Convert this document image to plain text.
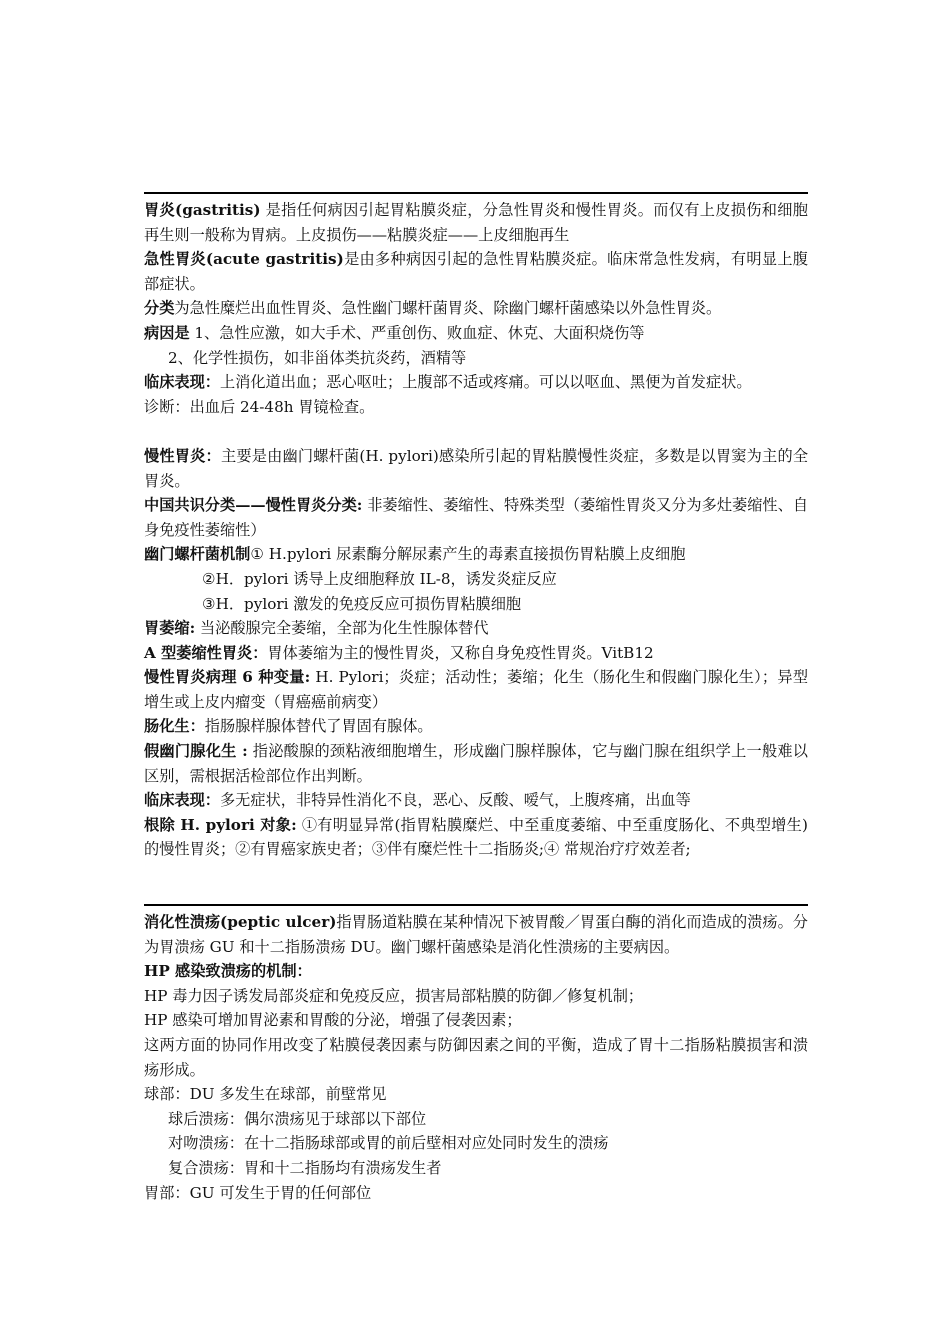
胃炎(gastritis) 是指任何病因引起胃粘膜炎症，分急性胃炎和慢性胃炎。而仅有上皮损伤和细胞再生则一般称为胃病。上皮损伤——粘膜炎症——上皮细胞再生

急性胃炎(acute gastritis)是由多种病因引起的急性胃粘膜炎症。临床常急性发病，有明显上腹部症状。

分类为急性糜烂出血性胃炎、急性幽门螺杆菌胃炎、除幽门螺杆菌感染以外急性胃炎。

病因是 1、急性应激，如大手术、严重创伤、败血症、休克、大面积烧伤等

2、化学性损伤，如非甾体类抗炎药，酒精等

临床表现：上消化道出血；恶心呕吐；上腹部不适或疼痛。可以以呕血、黑便为首发症状。

诊断：出血后 24-48h 胃镜检查。

慢性胃炎：主要是由幽门螺杆菌(H. pylori)感染所引起的胃粘膜慢性炎症，多数是以胃窦为主的全胃炎。

中国共识分类——慢性胃炎分类: 非萎缩性、萎缩性、特殊类型（萎缩性胃炎又分为多灶萎缩性、自身免疫性萎缩性）

幽门螺杆菌机制① H.pylori 尿素酶分解尿素产生的毒素直接损伤胃粘膜上皮细胞

②H．pylori 诱导上皮细胞释放 IL-8，诱发炎症反应

③H．pylori 激发的免疫反应可损伤胃粘膜细胞

胃萎缩: 当泌酸腺完全萎缩，全部为化生性腺体替代

A 型萎缩性胃炎：胃体萎缩为主的慢性胃炎，又称自身免疫性胃炎。VitB12

慢性胃炎病理 6 种变量: H. Pylori；炎症；活动性；萎缩；化生（肠化生和假幽门腺化生）；异型增生或上皮内瘤变（胃癌癌前病变）

肠化生：指肠腺样腺体替代了胃固有腺体。

假幽门腺化生 : 指泌酸腺的颈粘液细胞增生，形成幽门腺样腺体，它与幽门腺在组织学上一般难以区别，需根据活检部位作出判断。

临床表现：多无症状，非特异性消化不良，恶心、反酸、嗳气，上腹疼痛，出血等

根除 H. pylori 对象: ①有明显异常(指胃粘膜糜烂、中至重度萎缩、中至重度肠化、不典型增生)的慢性胃炎；②有胃癌家族史者；③伴有糜烂性十二指肠炎;④ 常规治疗疗效差者;

消化性溃疡(peptic ulcer)指胃肠道粘膜在某种情况下被胃酸／胃蛋白酶的消化而造成的溃疡。分为胃溃疡 GU 和十二指肠溃疡 DU。幽门螺杆菌感染是消化性溃疡的主要病因。

HP 感染致溃疡的机制：

HP 毒力因子诱发局部炎症和免疫反应，损害局部粘膜的防御／修复机制；

HP 感染可增加胃泌素和胃酸的分泌，增强了侵袭因素；

这两方面的协同作用改变了粘膜侵袭因素与防御因素之间的平衡，造成了胃十二指肠粘膜损害和溃疡形成。

球部：DU 多发生在球部，前壁常见

球后溃疡：偶尔溃疡见于球部以下部位

对吻溃疡：在十二指肠球部或胃的前后壁相对应处同时发生的溃疡

复合溃疡：胃和十二指肠均有溃疡发生者

胃部：GU 可发生于胃的任何部位
